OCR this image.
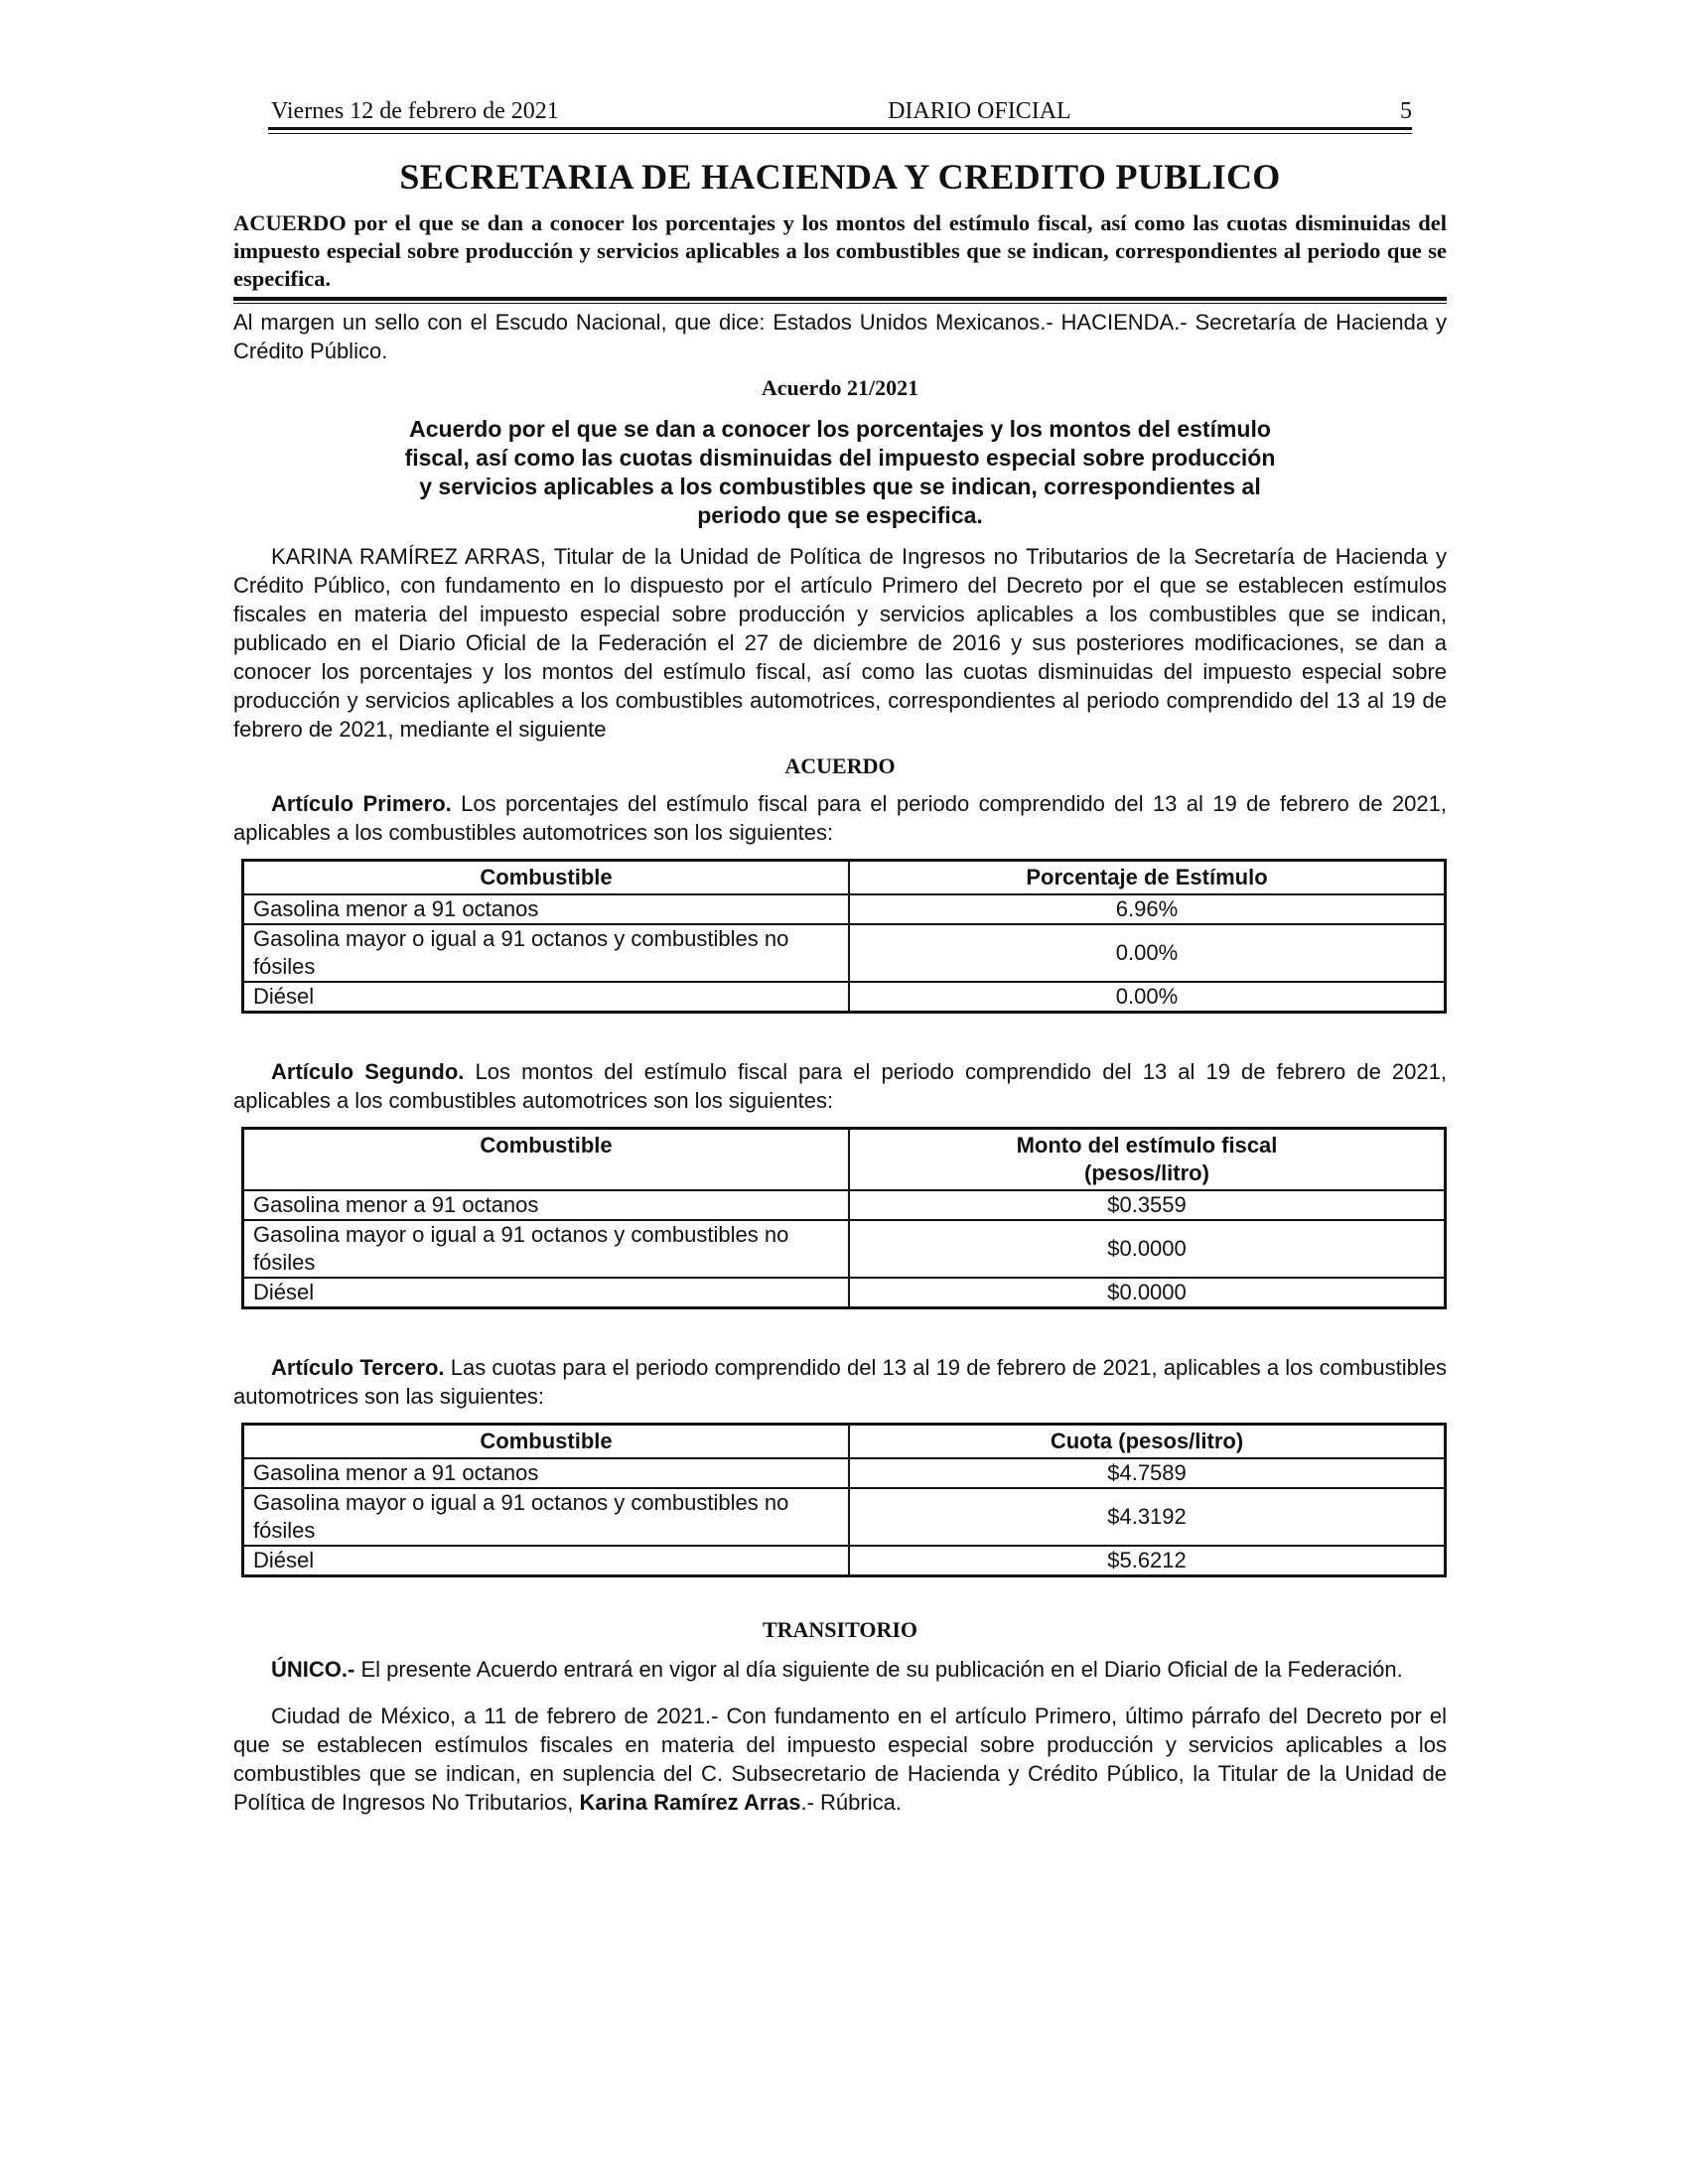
Viernes 12 de febrero de 2021	DIARIO OFICIAL	5
SECRETARIA DE HACIENDA Y CREDITO PUBLICO
ACUERDO por el que se dan a conocer los porcentajes y los montos del estímulo fiscal, así como las cuotas disminuidas del impuesto especial sobre producción y servicios aplicables a los combustibles que se indican, correspondientes al periodo que se especifica.
Al margen un sello con el Escudo Nacional, que dice: Estados Unidos Mexicanos.- HACIENDA.- Secretaría de Hacienda y Crédito Público.
Acuerdo 21/2021
Acuerdo por el que se dan a conocer los porcentajes y los montos del estímulo fiscal, así como las cuotas disminuidas del impuesto especial sobre producción y servicios aplicables a los combustibles que se indican, correspondientes al periodo que se especifica.
KARINA RAMÍREZ ARRAS, Titular de la Unidad de Política de Ingresos no Tributarios de la Secretaría de Hacienda y Crédito Público, con fundamento en lo dispuesto por el artículo Primero del Decreto por el que se establecen estímulos fiscales en materia del impuesto especial sobre producción y servicios aplicables a los combustibles que se indican, publicado en el Diario Oficial de la Federación el 27 de diciembre de 2016 y sus posteriores modificaciones, se dan a conocer los porcentajes y los montos del estímulo fiscal, así como las cuotas disminuidas del impuesto especial sobre producción y servicios aplicables a los combustibles automotrices, correspondientes al periodo comprendido del 13 al 19 de febrero de 2021, mediante el siguiente
ACUERDO
Artículo Primero. Los porcentajes del estímulo fiscal para el periodo comprendido del 13 al 19 de febrero de 2021, aplicables a los combustibles automotrices son los siguientes:
Combustible	Porcentaje de Estímulo
Gasolina menor a 91 octanos	6.96%
Gasolina mayor o igual a 91 octanos y combustibles no fósiles	0.00%
Diésel	0.00%
Artículo Segundo. Los montos del estímulo fiscal para el periodo comprendido del 13 al 19 de febrero de 2021, aplicables a los combustibles automotrices son los siguientes:
Combustible	Monto del estímulo fiscal
(pesos/litro)

Gasolina menor a 91 octanos	$0.3559
Gasolina mayor o igual a 91 octanos y combustibles no fósiles	$0.0000
Diésel	$0.0000
Artículo Tercero. Las cuotas para el periodo comprendido del 13 al 19 de febrero de 2021, aplicables a los combustibles automotrices son las siguientes:
Combustible	Cuota (pesos/litro)
Gasolina menor a 91 octanos	$4.7589
Gasolina mayor o igual a 91 octanos y combustibles no fósiles	$4.3192
Diésel	$5.6212
TRANSITORIO
ÚNICO.- El presente Acuerdo entrará en vigor al día siguiente de su publicación en el Diario Oficial de la Federación.
Ciudad de México, a 11 de febrero de 2021.- Con fundamento en el artículo Primero, último párrafo del Decreto por el que se establecen estímulos fiscales en materia del impuesto especial sobre producción y servicios aplicables a los combustibles que se indican, en suplencia del C. Subsecretario de Hacienda y Crédito Público, la Titular de la Unidad de Política de Ingresos No Tributarios, Karina Ramírez Arras.- Rúbrica.
